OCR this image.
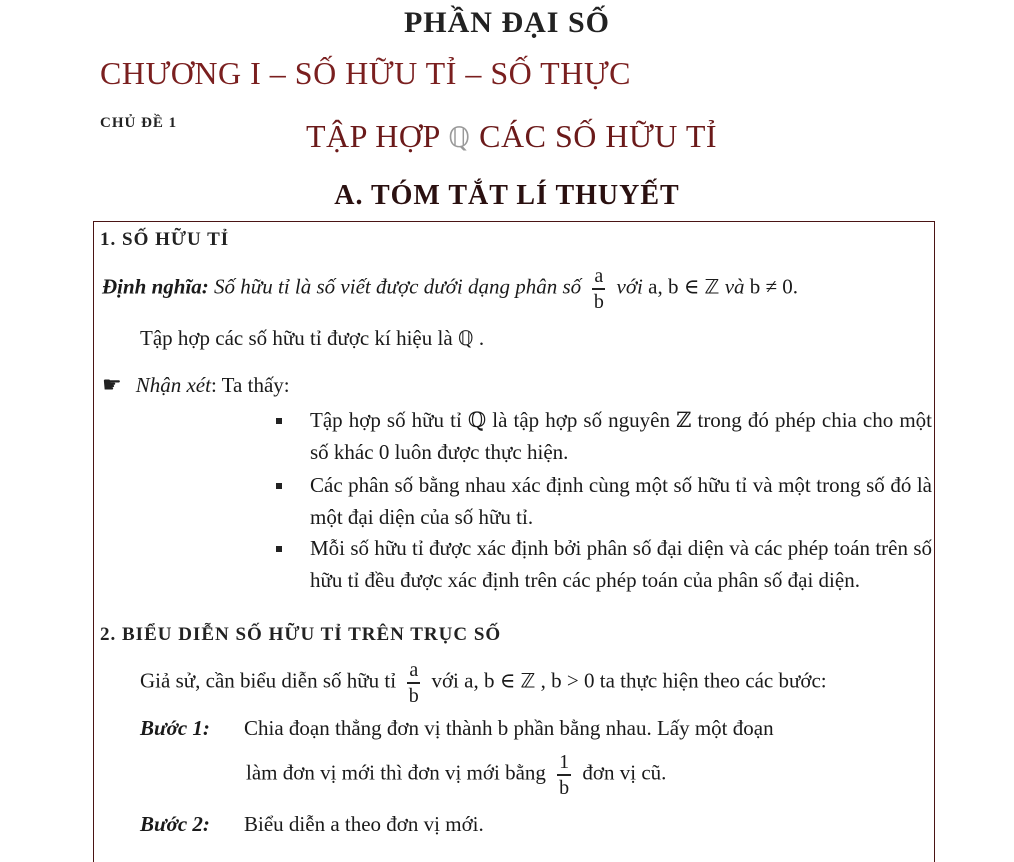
PHẦN ĐẠI SỐ
CHƯƠNG I – SỐ HỮU TỈ – SỐ THỰC
CHỦ ĐỀ 1	TẬP HỢP ℚ CÁC SỐ HỮU TỈ
A. TÓM TẮT LÍ THUYẾT
1. SỐ HỮU TỈ
Định nghĩa: Số hữu tỉ là số viết được dưới dạng phân số $\frac{a}{b}$ với a, b ∈ ℤ và b ≠ 0.
Tập hợp các số hữu tỉ được kí hiệu là ℚ .
☛ Nhận xét: Ta thấy:
Tập hợp số hữu tỉ ℚ là tập hợp số nguyên ℤ trong đó phép chia cho một số khác 0 luôn được thực hiện.
Các phân số bằng nhau xác định cùng một số hữu tỉ và một trong số đó là một đại diện của số hữu tỉ.
Mỗi số hữu tỉ được xác định bởi phân số đại diện và các phép toán trên số hữu tỉ đều được xác định trên các phép toán của phân số đại diện.
2. BIỂU DIỄN SỐ HỮU TỈ TRÊN TRỤC SỐ
Giả sử, cần biểu diễn số hữu tỉ $\frac{a}{b}$ với a, b ∈ ℤ , b > 0 ta thực hiện theo các bước:
Bước 1: Chia đoạn thẳng đơn vị thành b phần bằng nhau. Lấy một đoạn
làm đơn vị mới thì đơn vị mới bằng $\frac{1}{b}$ đơn vị cũ.
Bước 2: Biểu diễn a theo đơn vị mới.
